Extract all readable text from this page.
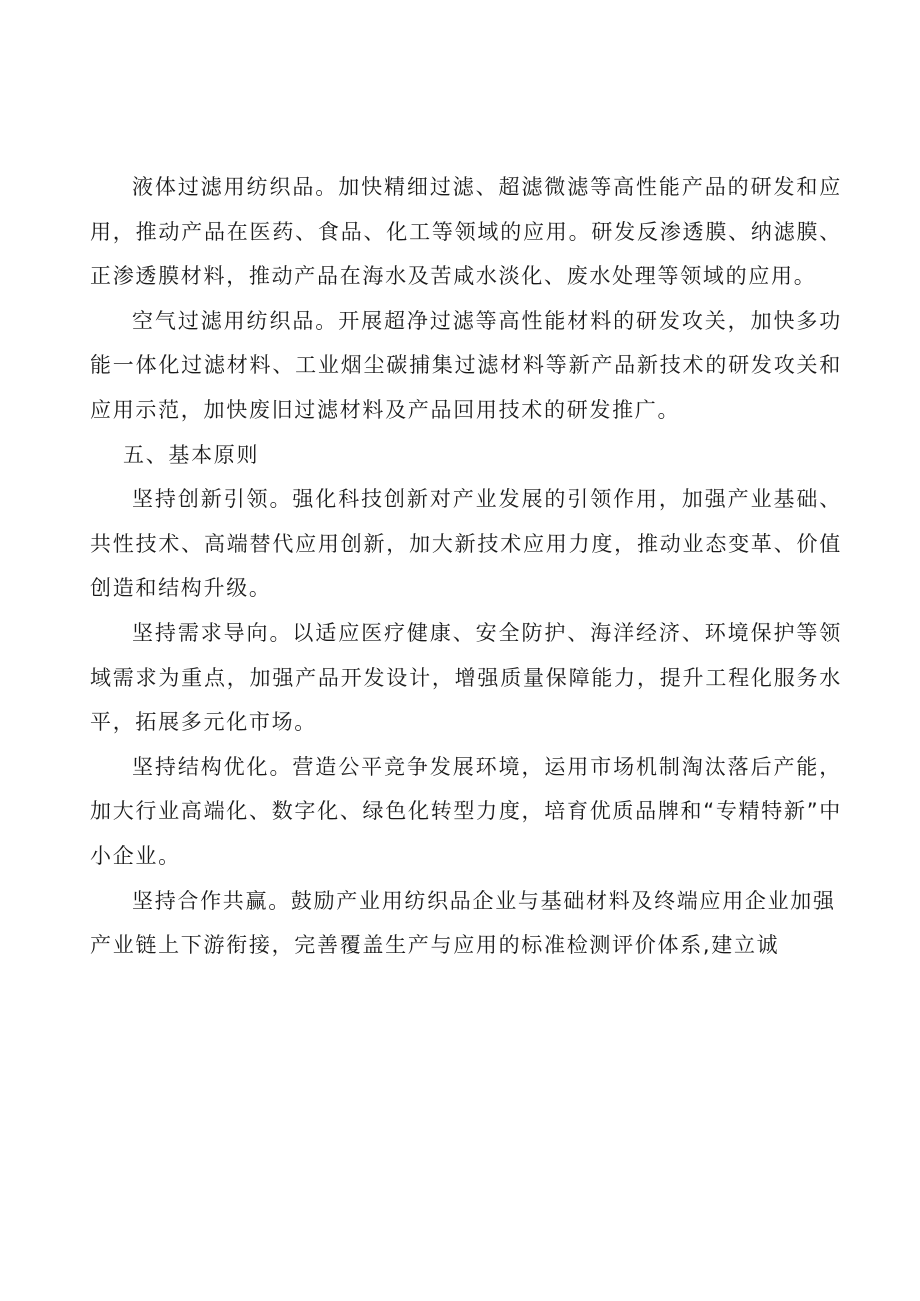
液体过滤用纺织品。加快精细过滤、超滤微滤等高性能产品的研发和应用，推动产品在医药、食品、化工等领域的应用。研发反渗透膜、纳滤膜、正渗透膜材料，推动产品在海水及苦咸水淡化、废水处理等领域的应用。

空气过滤用纺织品。开展超净过滤等高性能材料的研发攻关，加快多功能一体化过滤材料、工业烟尘碳捕集过滤材料等新产品新技术的研发攻关和应用示范，加快废旧过滤材料及产品回用技术的研发推广。

五、基本原则

坚持创新引领。强化科技创新对产业发展的引领作用，加强产业基础、共性技术、高端替代应用创新，加大新技术应用力度，推动业态变革、价值创造和结构升级。

坚持需求导向。以适应医疗健康、安全防护、海洋经济、环境保护等领域需求为重点，加强产品开发设计，增强质量保障能力，提升工程化服务水平，拓展多元化市场。

坚持结构优化。营造公平竞争发展环境，运用市场机制淘汰落后产能，加大行业高端化、数字化、绿色化转型力度，培育优质品牌和“专精特新”中小企业。

坚持合作共赢。鼓励产业用纺织品企业与基础材料及终端应用企业加强产业链上下游衔接，完善覆盖生产与应用的标准检测评价体系,建立诚
